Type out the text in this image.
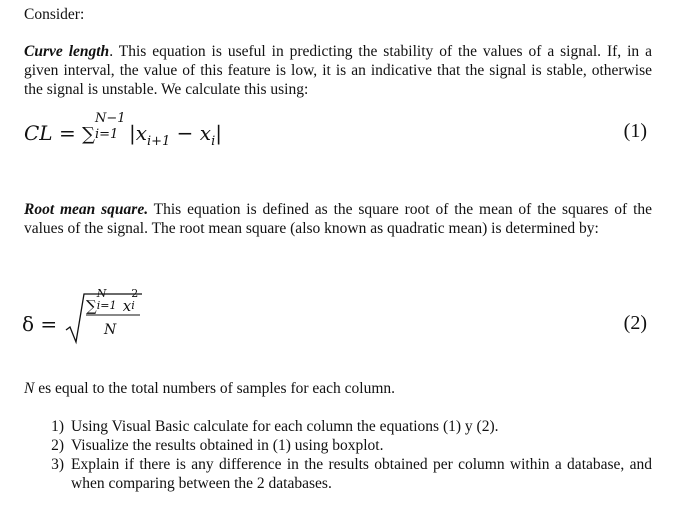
Consider:
Curve length. This equation is useful in predicting the stability of the values of a signal. If, in a given interval, the value of this feature is low, it is an indicative that the signal is stable, otherwise the signal is unstable. We calculate this using:
CL = ∑
N−1
i=1 $|x_{i+1} - x_i|$	(1)
Root mean square. This equation is defined as the square root of the mean of the squares of the values of the signal. The root mean square (also known as quadratic mean) is determined by:
δ =
∑
N
i=1 x
2
i
N	(2)
N es equal to the total numbers of samples for each column.
1) Using Visual Basic calculate for each column the equations (1) y (2).
2) Visualize the results obtained in (1) using boxplot.
3) Explain if there is any difference in the results obtained per column within a database, and when comparing between the 2 databases.
